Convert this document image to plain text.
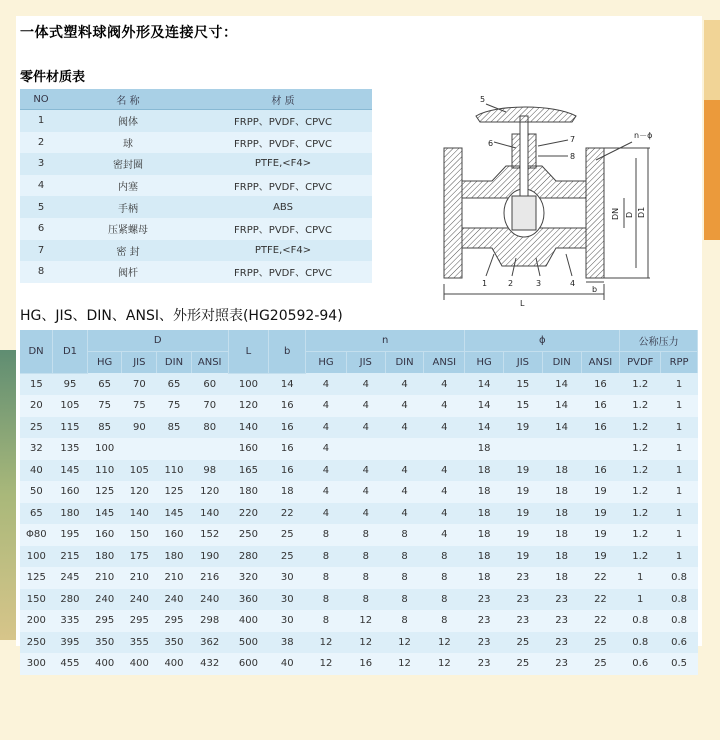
一体式塑料球阀外形及连接尺寸：
零件材质表
NO	名 称	材 质
1	阀体	FRPP、PVDF、CPVC
2	球	FRPP、PVDF、CPVC
3	密封圈	PTFE,<F4>
4	内塞	FRPP、PVDF、CPVC
5	手柄	ABS
6	压紧螺母	FRPP、PVDF、CPVC
7	密 封	PTFE,<F4>
8	阀杆	FRPP、PVDF、CPVC
5
6	7
8
1	2	3	4
n－ϕ
L
b
DN D D1
HG、JIS、DIN、ANSI、外形对照表(HG20592-94)
DN	D1	D				L	b	n				ϕ				公称压力	
		HG	JIS	DIN	ANSI			HG	JIS	DIN	ANSI	HG	JIS	DIN	ANSI	PVDF	RPP
15	95	65	70	65	60	100	14	4	4	4	4	14	15	14	16	1.2	1
20	105	75	75	75	70	120	16	4	4	4	4	14	15	14	16	1.2	1
25	115	85	90	85	80	140	16	4	4	4	4	14	19	14	16	1.2	1
32	135	100				160	16	4				18				1.2	1
40	145	110	105	110	98	165	16	4	4	4	4	18	19	18	16	1.2	1
50	160	125	120	125	120	180	18	4	4	4	4	18	19	18	19	1.2	1
65	180	145	140	145	140	220	22	4	4	4	4	18	19	18	19	1.2	1
Φ80	195	160	150	160	152	250	25	8	8	8	4	18	19	18	19	1.2	1
100	215	180	175	180	190	280	25	8	8	8	8	18	19	18	19	1.2	1
125	245	210	210	210	216	320	30	8	8	8	8	18	23	18	22	1	0.8
150	280	240	240	240	240	360	30	8	8	8	8	23	23	23	22	1	0.8
200	335	295	295	295	298	400	30	8	12	8	8	23	23	23	22	0.8	0.8
250	395	350	355	350	362	500	38	12	12	12	12	23	25	23	25	0.8	0.6
300	455	400	400	400	432	600	40	12	16	12	12	23	25	23	25	0.6	0.5
